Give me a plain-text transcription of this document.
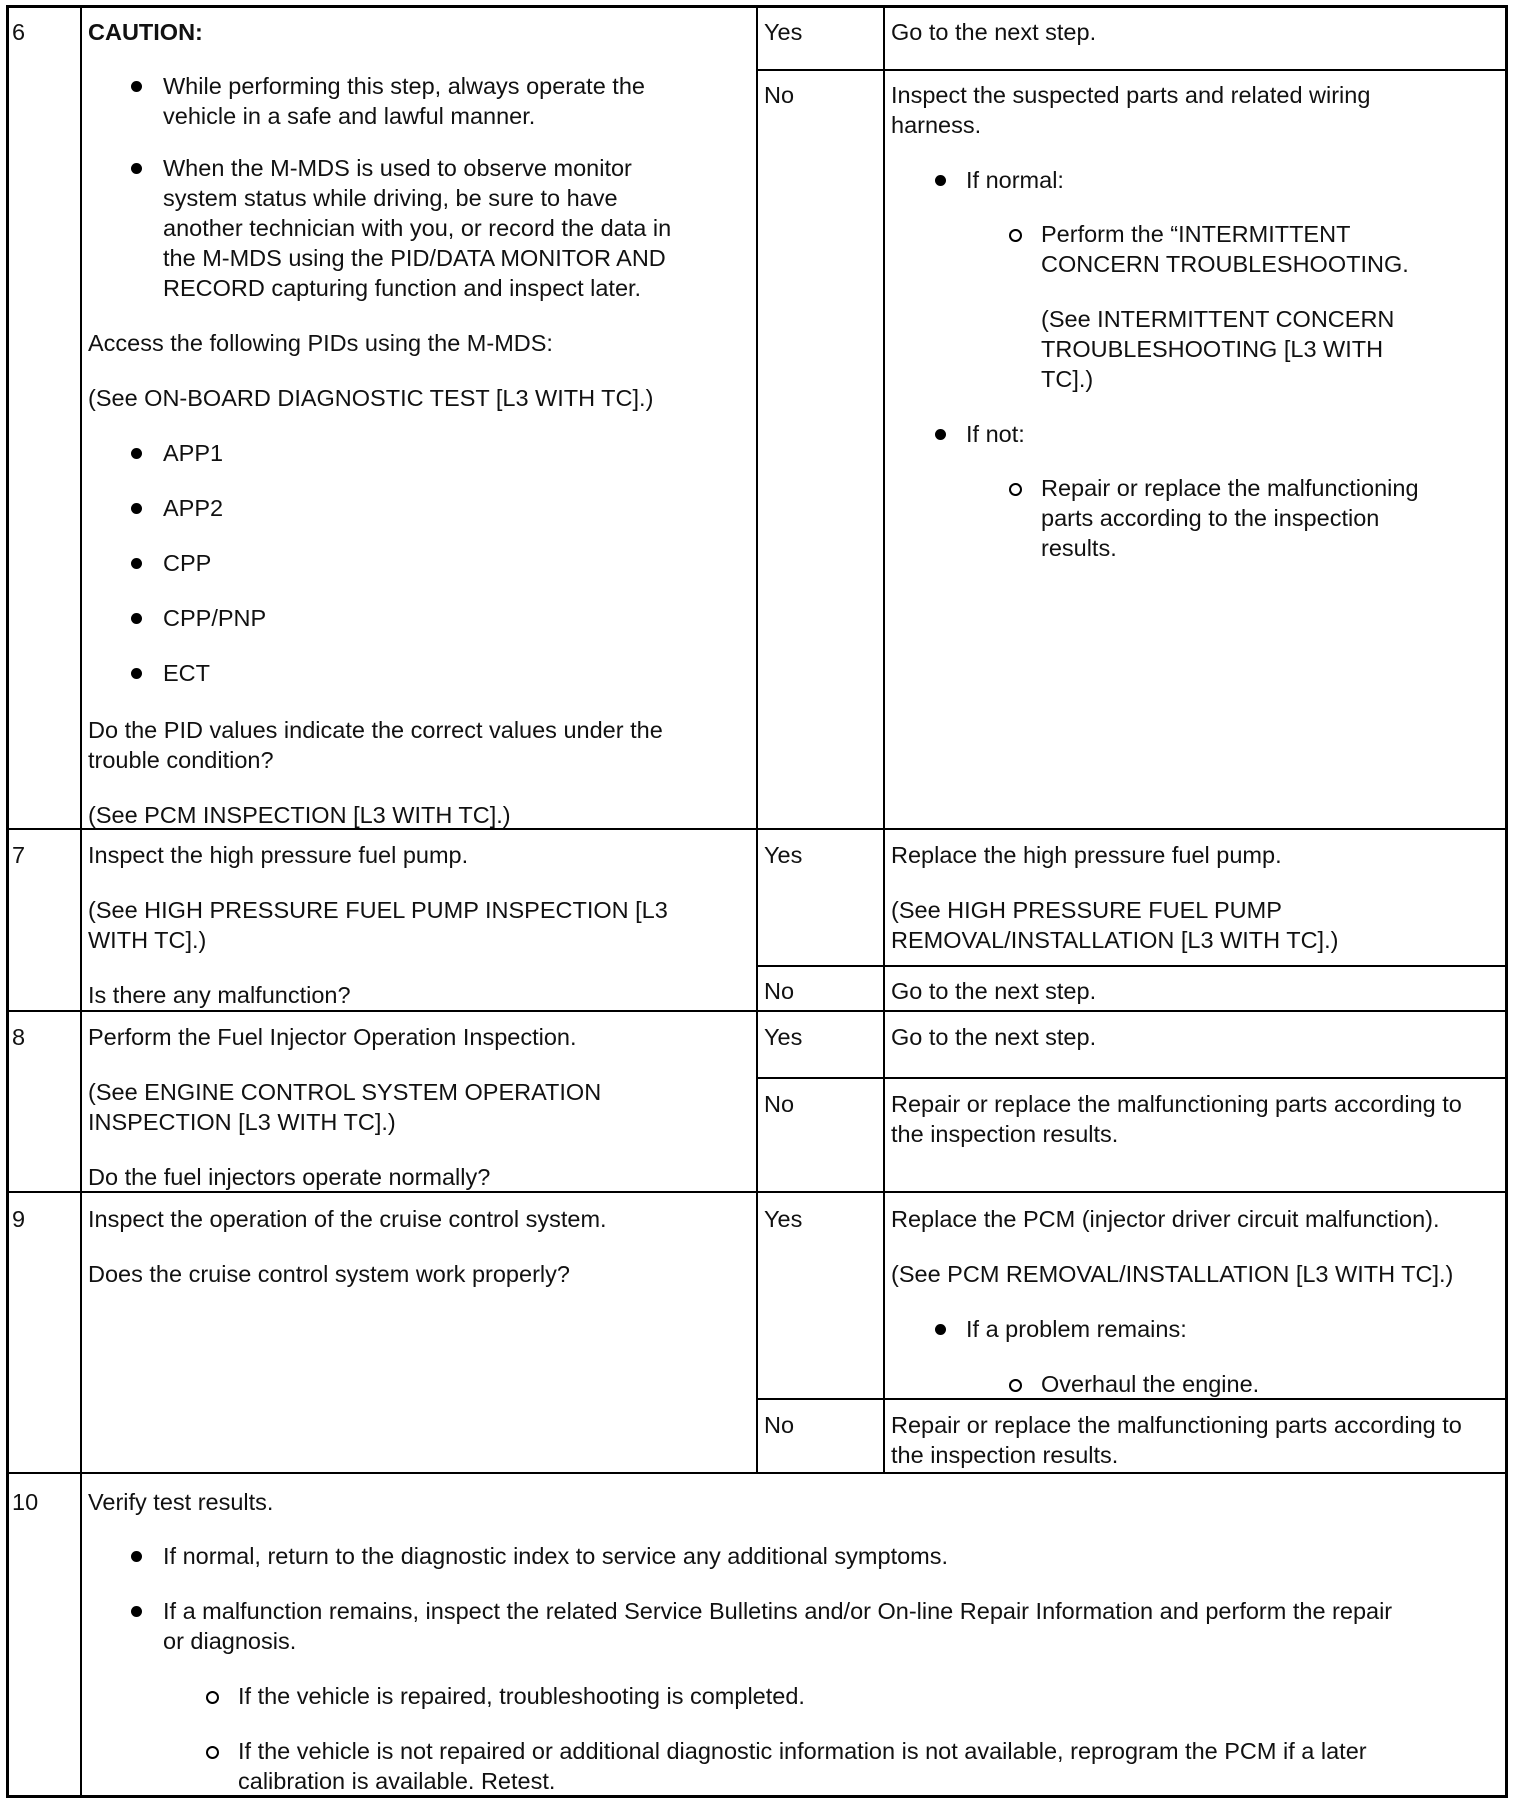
6	CAUTION:
While performing this step, always operate the
vehicle in a safe and lawful manner.
When the M-MDS is used to observe monitor
system status while driving, be sure to have
another technician with you, or record the data in
the M-MDS using the PID/DATA MONITOR AND
RECORD capturing function and inspect later.
Access the following PIDs using the M-MDS:
(See ON-BOARD DIAGNOSTIC TEST [L3 WITH TC].)
APP1
APP2
CPP
CPP/PNP
ECT
Do the PID values indicate the correct values under the
trouble condition?
(See PCM INSPECTION [L3 WITH TC].)
Yes	Go to the next step.
No	Inspect the suspected parts and related wiring
harness.
If normal:
Perform the “INTERMITTENT
CONCERN TROUBLESHOOTING.
(See INTERMITTENT CONCERN
TROUBLESHOOTING [L3 WITH
TC].)
If not:
Repair or replace the malfunctioning
parts according to the inspection
results.
7	Inspect the high pressure fuel pump.
(See HIGH PRESSURE FUEL PUMP INSPECTION [L3
WITH TC].)
Is there any malfunction?
Yes	Replace the high pressure fuel pump.
(See HIGH PRESSURE FUEL PUMP
REMOVAL/INSTALLATION [L3 WITH TC].)
No	Go to the next step.
8	Perform the Fuel Injector Operation Inspection.
(See ENGINE CONTROL SYSTEM OPERATION
INSPECTION [L3 WITH TC].)
Do the fuel injectors operate normally?
Yes	Go to the next step.
No	Repair or replace the malfunctioning parts according to
the inspection results.
9	Inspect the operation of the cruise control system.
Does the cruise control system work properly?
Yes	Replace the PCM (injector driver circuit malfunction).
(See PCM REMOVAL/INSTALLATION [L3 WITH TC].)
If a problem remains:
Overhaul the engine.
No	Repair or replace the malfunctioning parts according to
the inspection results.
10 Verify test results.
If normal, return to the diagnostic index to service any additional symptoms.
If a malfunction remains, inspect the related Service Bulletins and/or On-line Repair Information and perform the repair
or diagnosis.
If the vehicle is repaired, troubleshooting is completed.
If the vehicle is not repaired or additional diagnostic information is not available, reprogram the PCM if a later
calibration is available. Retest.
